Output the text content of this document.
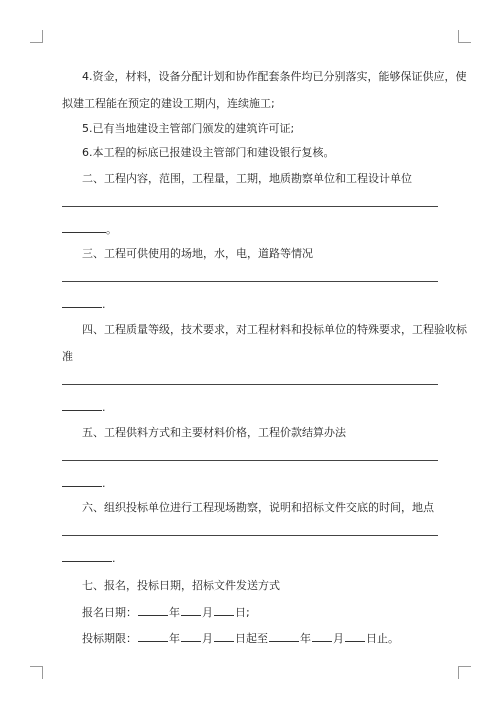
4.资金，材料，设备分配计划和协作配套条件均已分别落实，能够保证供应，使
拟建工程能在预定的建设工期内，连续施工;
5.已有当地建设主管部门颁发的建筑许可证;
6.本工程的标底已报建设主管部门和建设银行复核。
二、工程内容，范围，工程量，工期，地质勘察单位和工程设计单位
。
三、工程可供使用的场地，水，电，道路等情况
.
四、工程质量等级，技术要求，对工程材料和投标单位的特殊要求，工程验收标
准
.
五、工程供料方式和主要材料价格，工程价款结算办法
.
六、组织投标单位进行工程现场勘察，说明和招标文件交底的时间，地点
.
七、报名，投标日期，招标文件发送方式
报名日期：	年 月 日;
投标期限：	年 月 日起至	年 月 日止。
